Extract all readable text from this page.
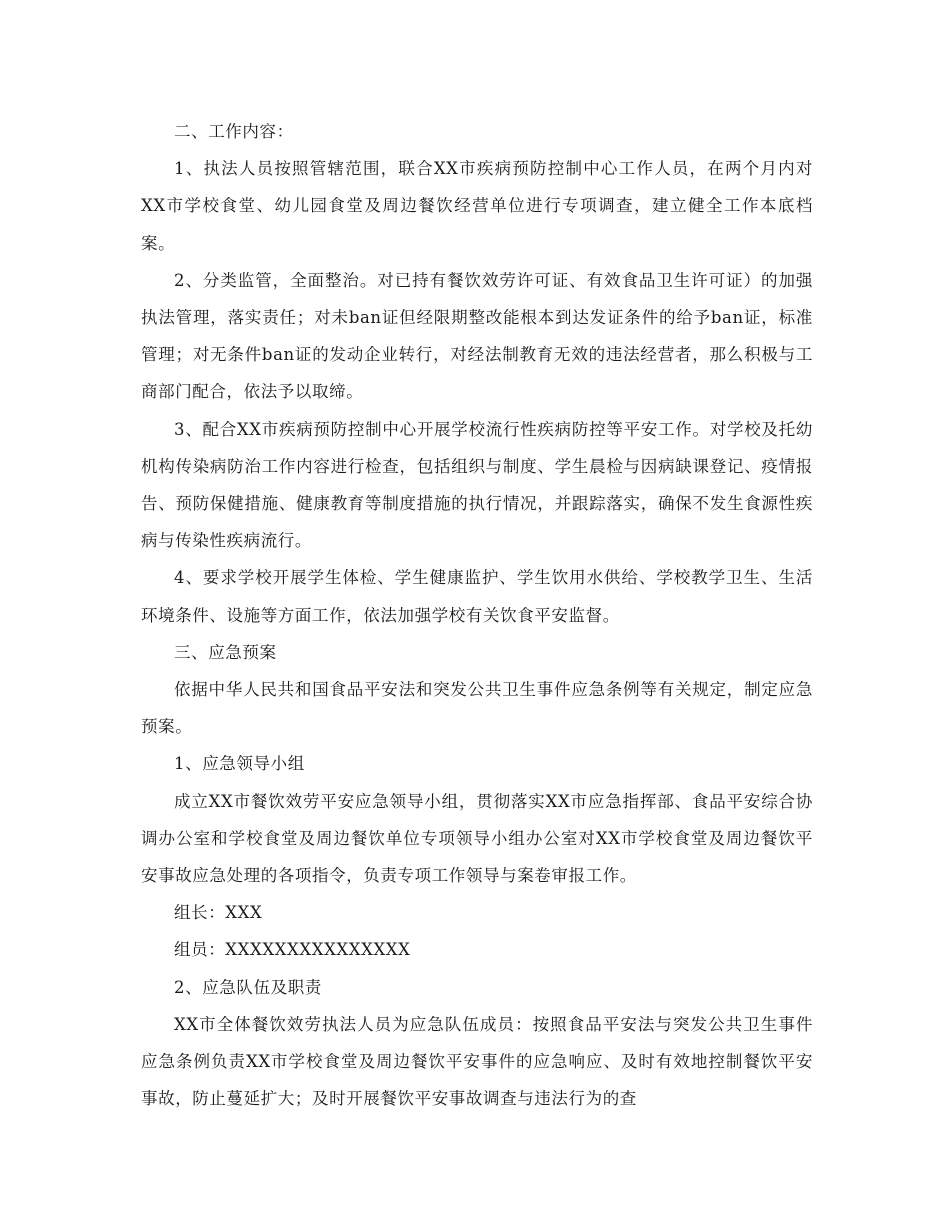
二、工作内容：

1、执法人员按照管辖范围，联合XX市疾病预防控制中心工作人员，在两个月内对XX市学校食堂、幼儿园食堂及周边餐饮经营单位进行专项调查，建立健全工作本底档案。

2、分类监管，全面整治。对已持有餐饮效劳许可证、有效食品卫生许可证）的加强执法管理，落实责任；对未ban证但经限期整改能根本到达发证条件的给予ban证，标准管理；对无条件ban证的发动企业转行，对经法制教育无效的违法经营者，那么积极与工商部门配合，依法予以取缔。

3、配合XX市疾病预防控制中心开展学校流行性疾病防控等平安工作。对学校及托幼机构传染病防治工作内容进行检查，包括组织与制度、学生晨检与因病缺课登记、疫情报告、预防保健措施、健康教育等制度措施的执行情况，并跟踪落实，确保不发生食源性疾病与传染性疾病流行。

4、要求学校开展学生体检、学生健康监护、学生饮用水供给、学校教学卫生、生活环境条件、设施等方面工作，依法加强学校有关饮食平安监督。

三、应急预案

依据中华人民共和国食品平安法和突发公共卫生事件应急条例等有关规定，制定应急预案。

1、应急领导小组

成立XX市餐饮效劳平安应急领导小组，贯彻落实XX市应急指挥部、食品平安综合协调办公室和学校食堂及周边餐饮单位专项领导小组办公室对XX市学校食堂及周边餐饮平安事故应急处理的各项指令，负责专项工作领导与案卷审报工作。

组长：XXX

组员：XXXXXXXXXXXXXXX

2、应急队伍及职责

XX市全体餐饮效劳执法人员为应急队伍成员：按照食品平安法与突发公共卫生事件应急条例负责XX市学校食堂及周边餐饮平安事件的应急响应、及时有效地控制餐饮平安事故，防止蔓延扩大；及时开展餐饮平安事故调查与违法行为的查
